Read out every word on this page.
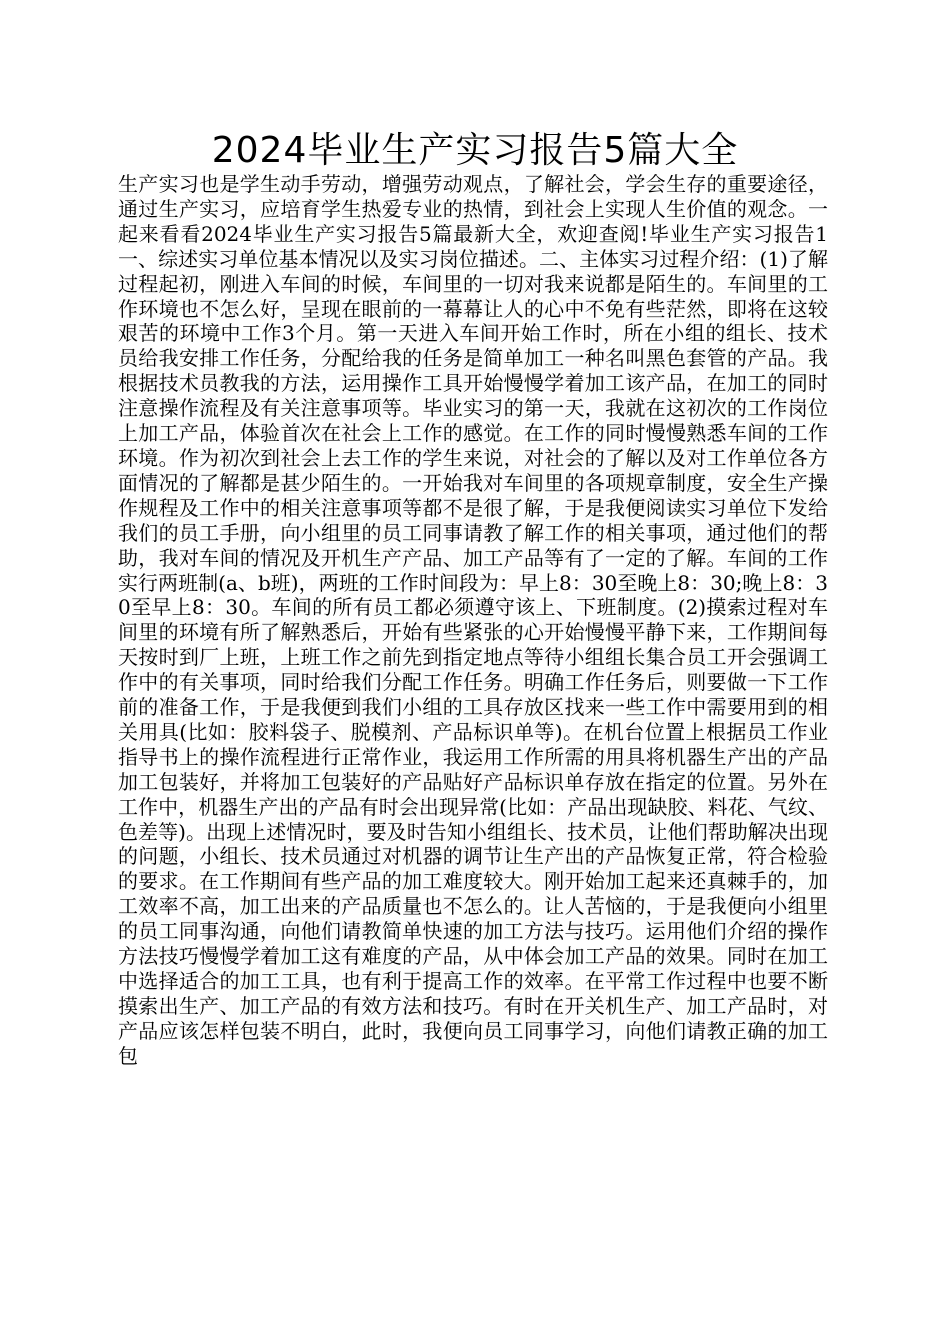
2024毕业生产实习报告5篇大全

生产实习也是学生动手劳动，增强劳动观点，了解社会，学会生存的重要途径，通过生产实习，应培育学生热爱专业的热情，到社会上实现人生价值的观念。一起来看看2024毕业生产实习报告5篇最新大全，欢迎查阅!毕业生产实习报告1一、综述实习单位基本情况以及实习岗位描述。二、主体实习过程介绍：(1)了解过程起初，刚进入车间的时候，车间里的一切对我来说都是陌生的。车间里的工作环境也不怎么好，呈现在眼前的一幕幕让人的心中不免有些茫然，即将在这较艰苦的环境中工作3个月。第一天进入车间开始工作时，所在小组的组长、技术员给我安排工作任务，分配给我的任务是简单加工一种名叫黑色套管的产品。我根据技术员教我的方法，运用操作工具开始慢慢学着加工该产品，在加工的同时注意操作流程及有关注意事项等。毕业实习的第一天，我就在这初次的工作岗位上加工产品，体验首次在社会上工作的感觉。在工作的同时慢慢熟悉车间的工作环境。作为初次到社会上去工作的学生来说，对社会的了解以及对工作单位各方面情况的了解都是甚少陌生的。一开始我对车间里的各项规章制度，安全生产操作规程及工作中的相关注意事项等都不是很了解，于是我便阅读实习单位下发给我们的员工手册，向小组里的员工同事请教了解工作的相关事项，通过他们的帮助，我对车间的情况及开机生产产品、加工产品等有了一定的了解。车间的工作实行两班制(a、b班)，两班的工作时间段为：早上8：30至晚上8：30;晚上8：30至早上8：30。车间的所有员工都必须遵守该上、下班制度。(2)摸索过程对车间里的环境有所了解熟悉后，开始有些紧张的心开始慢慢平静下来，工作期间每天按时到厂上班，上班工作之前先到指定地点等待小组组长集合员工开会强调工作中的有关事项，同时给我们分配工作任务。明确工作任务后，则要做一下工作前的准备工作，于是我便到我们小组的工具存放区找来一些工作中需要用到的相关用具(比如：胶料袋子、脱模剂、产品标识单等)。在机台位置上根据员工作业指导书上的操作流程进行正常作业，我运用工作所需的用具将机器生产出的产品加工包装好，并将加工包装好的产品贴好产品标识单存放在指定的位置。另外在工作中，机器生产出的产品有时会出现异常(比如：产品出现缺胶、料花、气纹、色差等)。出现上述情况时，要及时告知小组组长、技术员，让他们帮助解决出现的问题，小组长、技术员通过对机器的调节让生产出的产品恢复正常，符合检验的要求。在工作期间有些产品的加工难度较大。刚开始加工起来还真棘手的，加工效率不高，加工出来的产品质量也不怎么的。让人苦恼的，于是我便向小组里的员工同事沟通，向他们请教简单快速的加工方法与技巧。运用他们介绍的操作方法技巧慢慢学着加工这有难度的产品，从中体会加工产品的效果。同时在加工中选择适合的加工工具，也有利于提高工作的效率。在平常工作过程中也要不断摸索出生产、加工产品的有效方法和技巧。有时在开关机生产、加工产品时，对产品应该怎样包装不明白，此时，我便向员工同事学习，向他们请教正确的加工包
